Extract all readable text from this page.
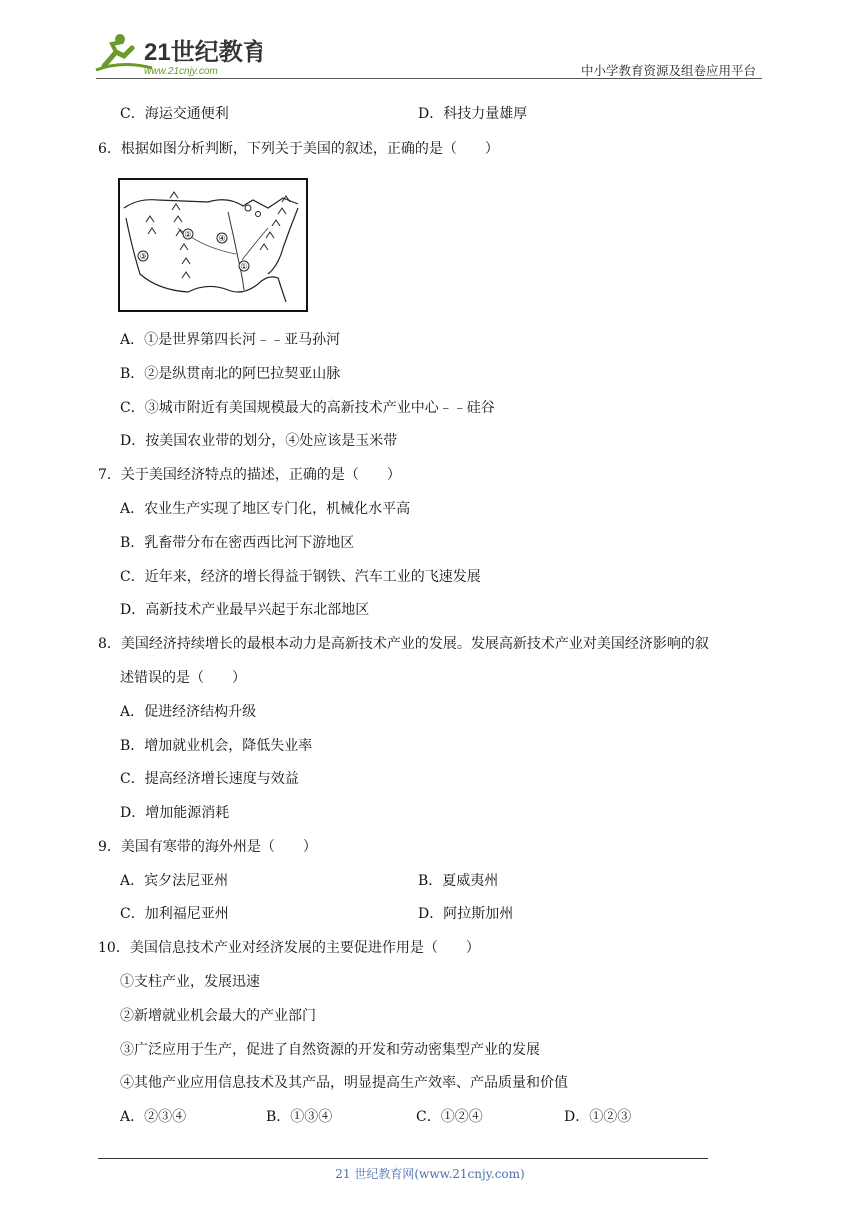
21世纪教育
www.21cnjy.com	中小学教育资源及组卷应用平台
C．海运交通便利	D．科技力量雄厚
6．根据如图分析判断，下列关于美国的叙述，正确的是（　　）
③
②	④
①
A．①是世界第四长河﹣﹣亚马孙河
B．②是纵贯南北的阿巴拉契亚山脉
C．③城市附近有美国规模最大的高新技术产业中心﹣﹣硅谷
D．按美国农业带的划分，④处应该是玉米带
7．关于美国经济特点的描述，正确的是（　　）
A．农业生产实现了地区专门化，机械化水平高
B．乳畜带分布在密西西比河下游地区
C．近年来，经济的增长得益于钢铁、汽车工业的飞速发展
D．高新技术产业最早兴起于东北部地区
8．美国经济持续增长的最根本动力是高新技术产业的发展。发展高新技术产业对美国经济影响的叙
述错误的是（　　）
A．促进经济结构升级
B．增加就业机会，降低失业率
C．提高经济增长速度与效益
D．增加能源消耗
9．美国有寒带的海外州是（　　）
A．宾夕法尼亚州	B．夏威夷州
C．加利福尼亚州	D．阿拉斯加州
10．美国信息技术产业对经济发展的主要促进作用是（　　）
①支柱产业，发展迅速
②新增就业机会最大的产业部门
③广泛应用于生产，促进了自然资源的开发和劳动密集型产业的发展
④其他产业应用信息技术及其产品，明显提高生产效率、产品质量和价值
A．②③④	B．①③④	C．①②④	D．①②③
21 世纪教育网(www.21cnjy.com)
